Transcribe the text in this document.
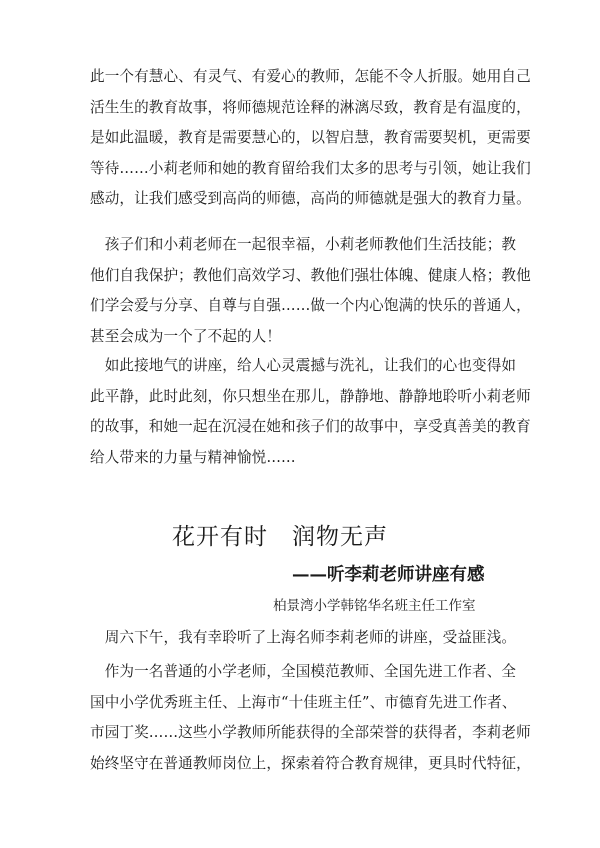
此一个有慧心、有灵气、有爱心的教师，怎能不令人折服。她用自己
活生生的教育故事，将师德规范诠释的淋漓尽致，教育是有温度的，
是如此温暖，教育是需要慧心的，以智启慧，教育需要契机，更需要
等待……小莉老师和她的教育留给我们太多的思考与引领，她让我们
感动，让我们感受到高尚的师德，高尚的师德就是强大的教育力量。

　孩子们和小莉老师在一起很幸福，小莉老师教他们生活技能；教
他们自我保护；教他们高效学习、教他们强壮体魄、健康人格；教他
们学会爱与分享、自尊与自强……做一个内心饱满的快乐的普通人，
甚至会成为一个了不起的人！

　如此接地气的讲座，给人心灵震撼与洗礼，让我们的心也变得如
此平静，此时此刻，你只想坐在那儿，静静地、静静地聆听小莉老师
的故事，和她一起在沉浸在她和孩子们的故事中，享受真善美的教育
给人带来的力量与精神愉悦……

花开有时　润物无声
——听李莉老师讲座有感

柏景湾小学韩铭华名班主任工作室

　周六下午，我有幸聆听了上海名师李莉老师的讲座，受益匪浅。

　作为一名普通的小学老师，全国模范教师、全国先进工作者、全
国中小学优秀班主任、上海市“十佳班主任”、市德育先进工作者、
市园丁奖……这些小学教师所能获得的全部荣誉的获得者，李莉老师
始终坚守在普通教师岗位上，探索着符合教育规律，更具时代特征，
